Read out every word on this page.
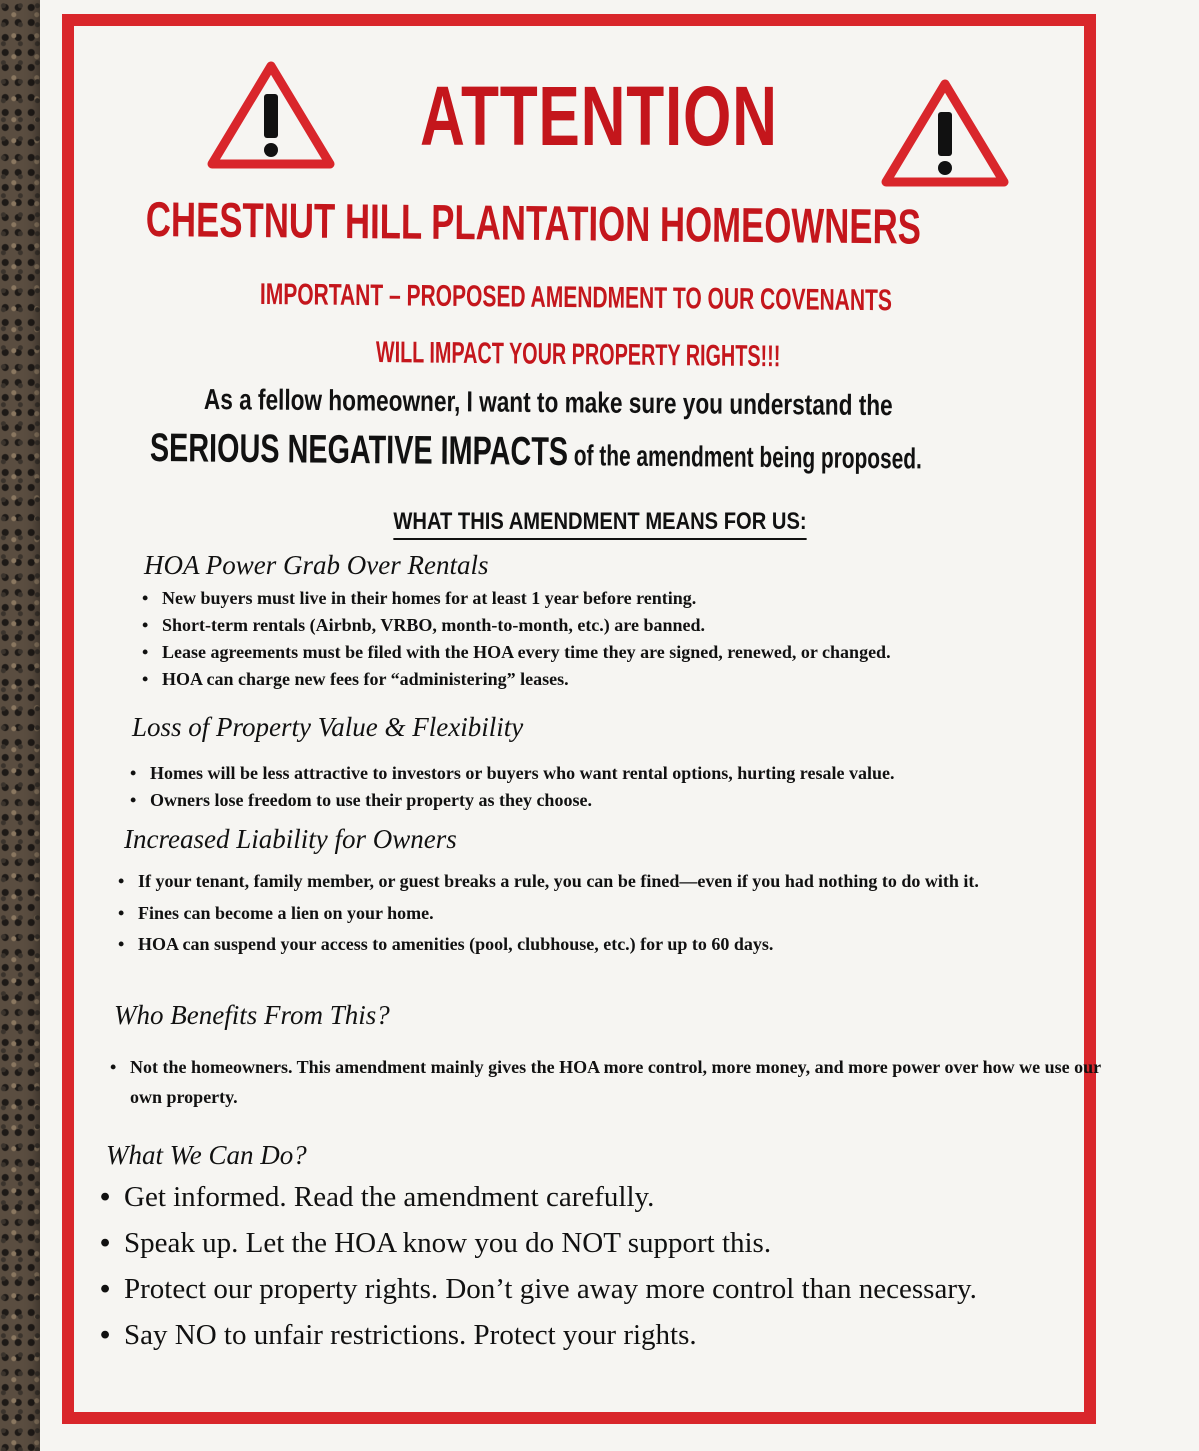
ATTENTION
CHESTNUT HILL PLANTATION HOMEOWNERS
IMPORTANT – PROPOSED AMENDMENT TO OUR COVENANTS
WILL IMPACT YOUR PROPERTY RIGHTS!!!
As a fellow homeowner, I want to make sure you understand the
SERIOUS NEGATIVE IMPACTS of the amendment being proposed.
WHAT THIS AMENDMENT MEANS FOR US:
HOA Power Grab Over Rentals
• New buyers must live in their homes for at least 1 year before renting.
• Short-term rentals (Airbnb, VRBO, month-to-month, etc.) are banned.
• Lease agreements must be filed with the HOA every time they are signed, renewed, or changed.
• HOA can charge new fees for “administering” leases.
Loss of Property Value & Flexibility
• Homes will be less attractive to investors or buyers who want rental options, hurting resale value.
• Owners lose freedom to use their property as they choose.
Increased Liability for Owners
• If your tenant, family member, or guest breaks a rule, you can be fined—even if you had nothing to do with it.
• Fines can become a lien on your home.
• HOA can suspend your access to amenities (pool, clubhouse, etc.) for up to 60 days.
Who Benefits From This?
• Not the homeowners. This amendment mainly gives the HOA more control, more money, and more power over how we use our own property.
What We Can Do?
• Get informed. Read the amendment carefully.
• Speak up. Let the HOA know you do NOT support this.
• Protect our property rights. Don’t give away more control than necessary.
• Say NO to unfair restrictions. Protect your rights.
